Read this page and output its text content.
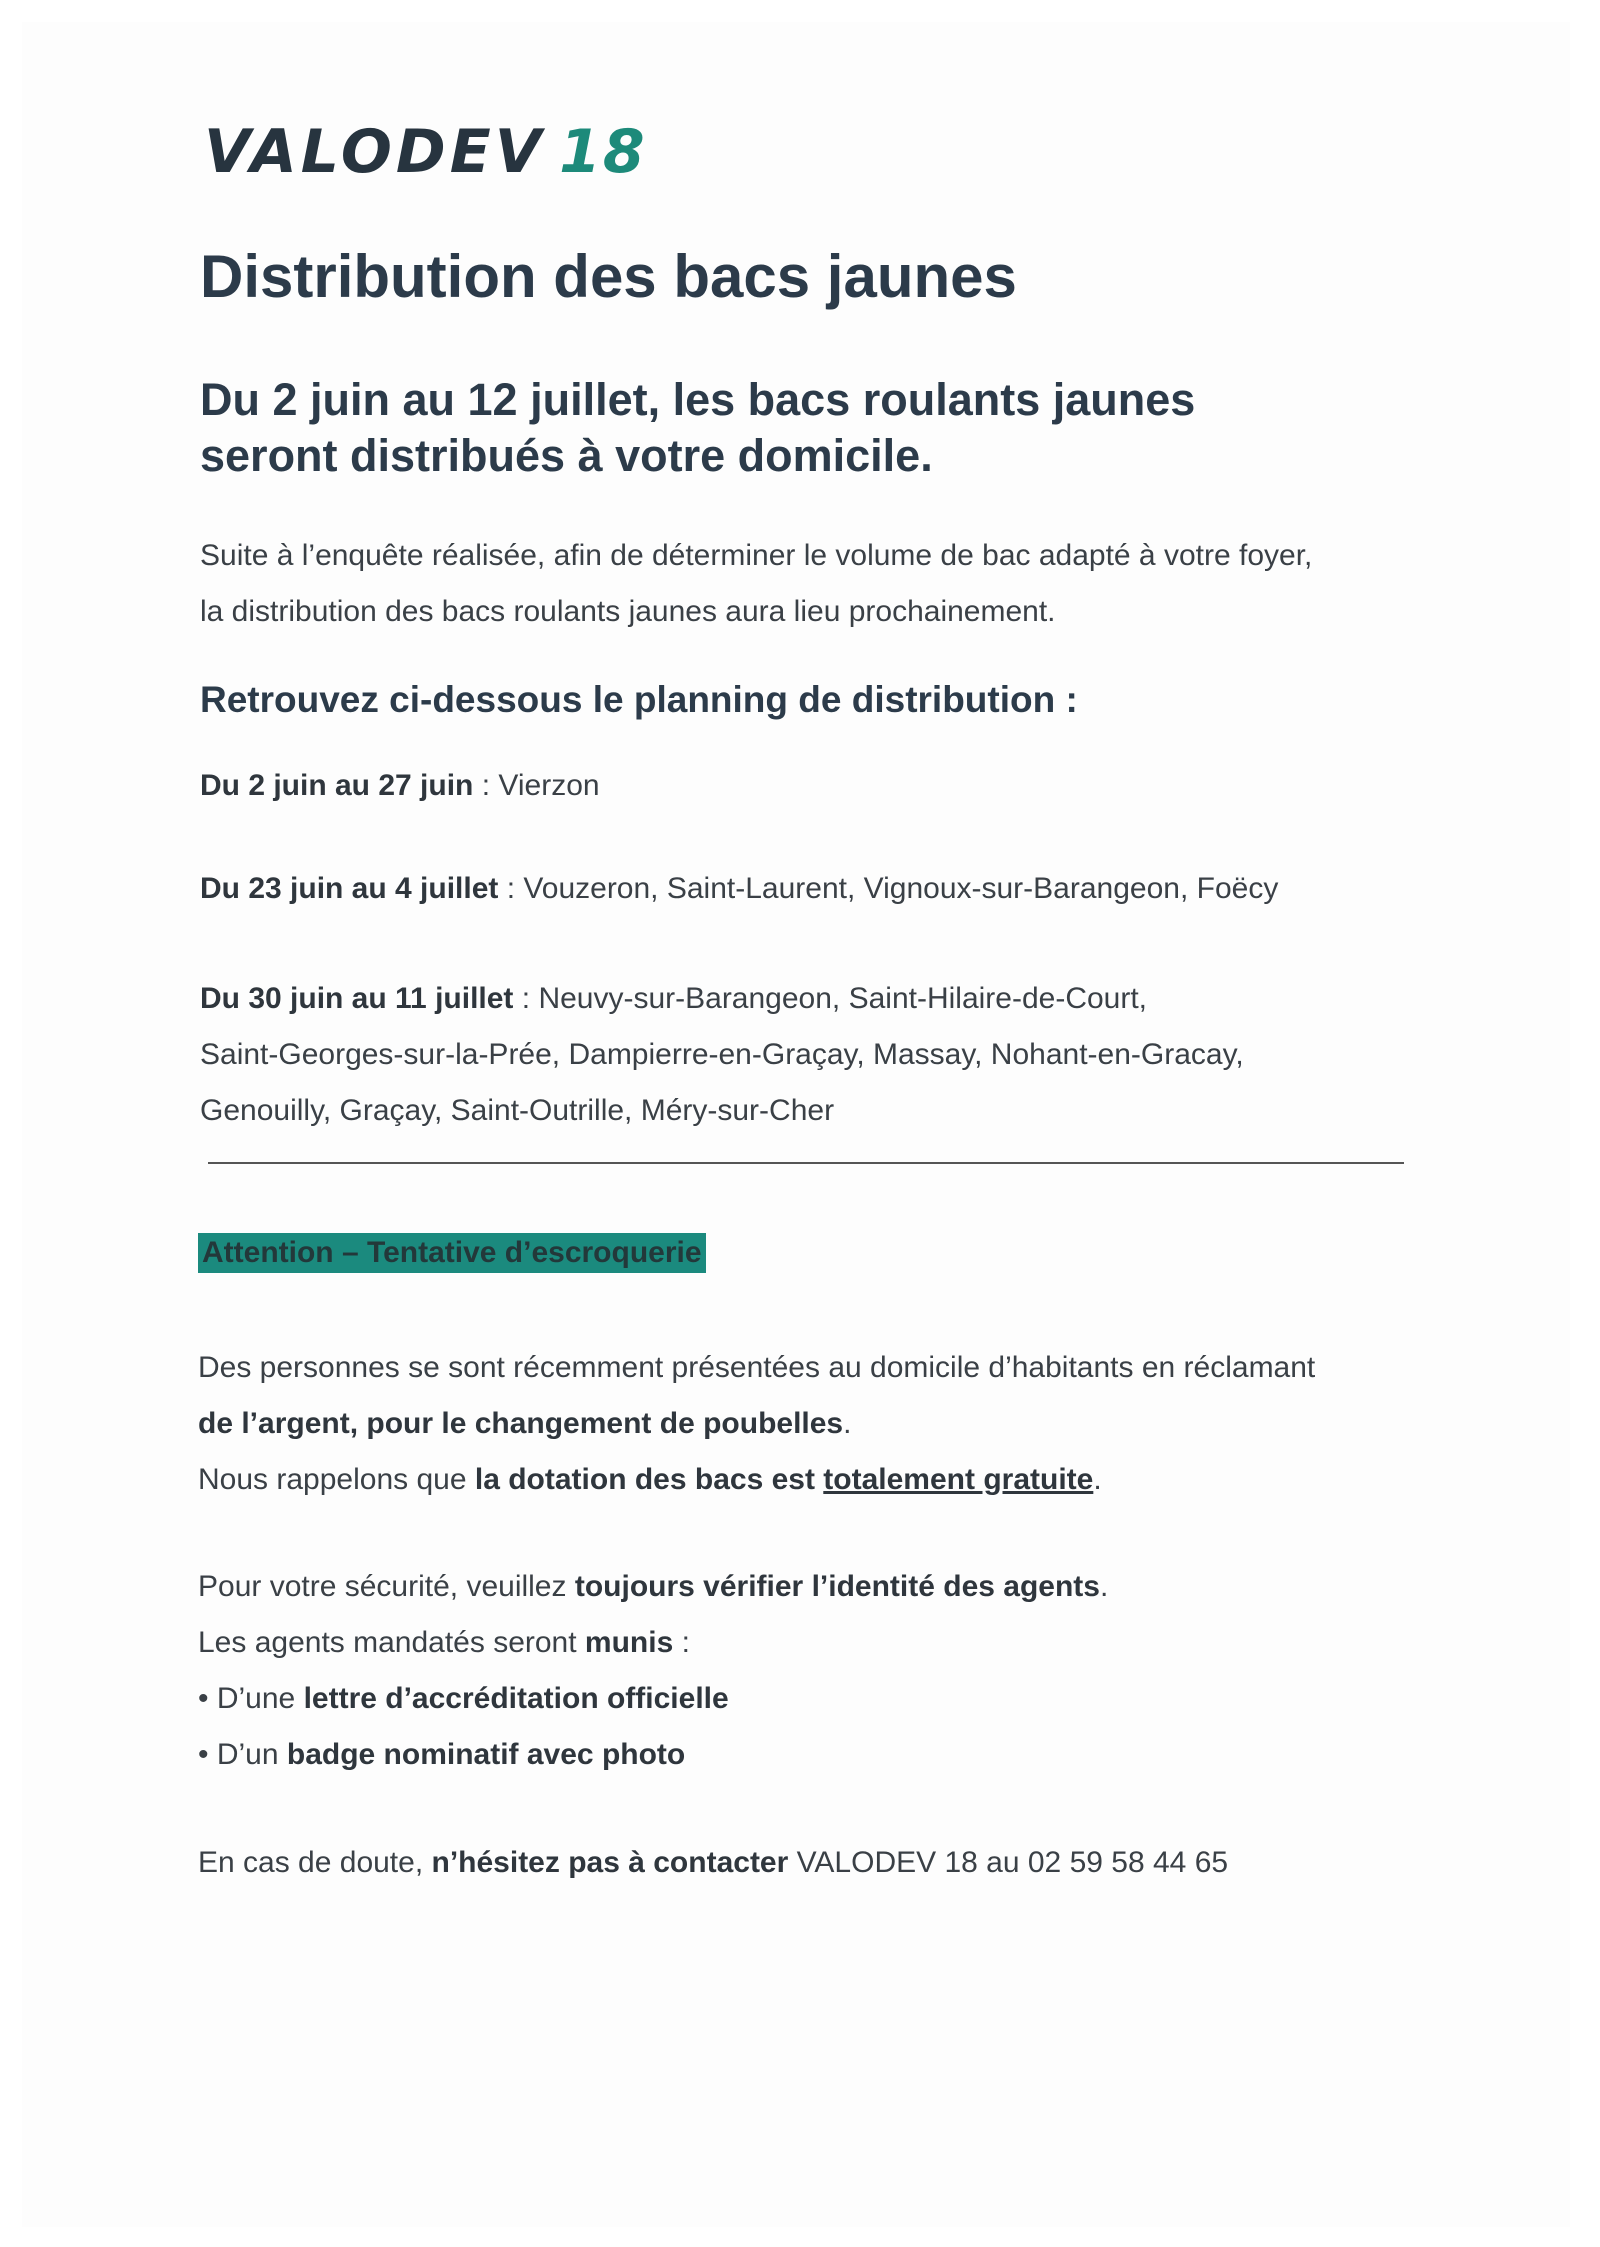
VALODEV 18
Distribution des bacs jaunes
Du 2 juin au 12 juillet, les bacs roulants jaunes
seront distribués à votre domicile.
Suite à l’enquête réalisée, afin de déterminer le volume de bac adapté à votre foyer,
la distribution des bacs roulants jaunes aura lieu prochainement.
Retrouvez ci-dessous le planning de distribution :
Du 2 juin au 27 juin : Vierzon
Du 23 juin au 4 juillet : Vouzeron, Saint-Laurent, Vignoux-sur-Barangeon, Foëcy
Du 30 juin au 11 juillet : Neuvy-sur-Barangeon, Saint-Hilaire-de-Court,
Saint-Georges-sur-la-Prée, Dampierre-en-Graçay, Massay, Nohant-en-Gracay,
Genouilly, Graçay, Saint-Outrille, Méry-sur-Cher
Attention – Tentative d’escroquerie
Des personnes se sont récemment présentées au domicile d’habitants en réclamant
de l’argent, pour le changement de poubelles.
Nous rappelons que la dotation des bacs est totalement gratuite.
Pour votre sécurité, veuillez toujours vérifier l’identité des agents.
Les agents mandatés seront munis :
• D’une lettre d’accréditation officielle
• D’un badge nominatif avec photo
En cas de doute, n’hésitez pas à contacter VALODEV 18 au 02 59 58 44 65
